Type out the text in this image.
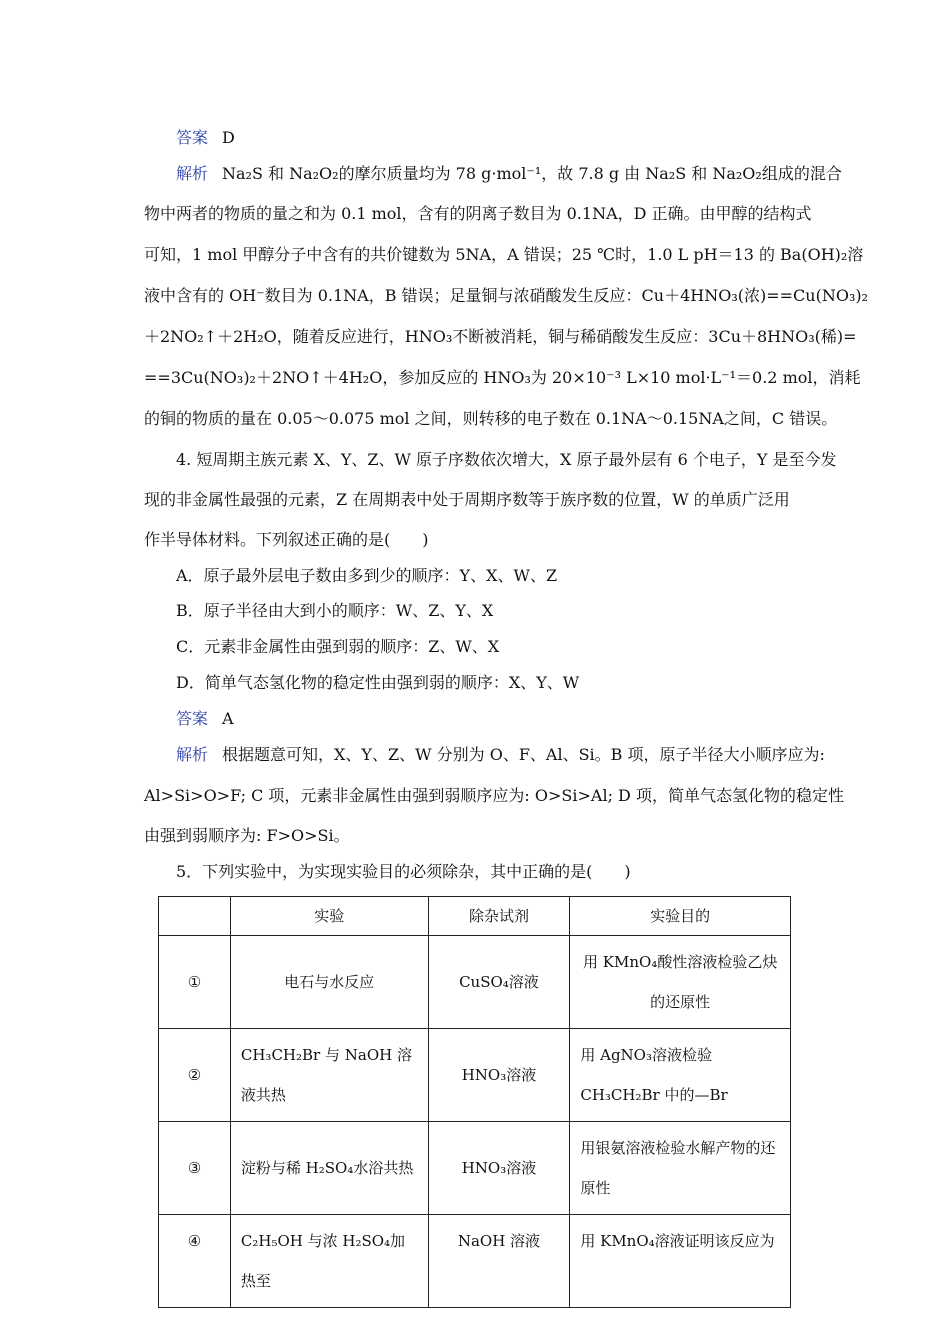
答案 D
解析 Na₂S 和 Na₂O₂的摩尔质量均为 78 g·mol⁻¹，故 7.8 g 由 Na₂S 和 Na₂O₂组成的混合
物中两者的物质的量之和为 0.1 mol，含有的阴离子数目为 0.1NA，D 正确。由甲醇的结构式
可知，1 mol 甲醇分子中含有的共价键数为 5NA，A 错误；25 ℃时，1.0 L pH＝13 的 Ba(OH)₂溶
液中含有的 OH⁻数目为 0.1NA，B 错误；足量铜与浓硝酸发生反应：Cu＋4HNO₃(浓)==Cu(NO₃)₂
＋2NO₂↑＋2H₂O，随着反应进行，HNO₃不断被消耗，铜与稀硝酸发生反应：3Cu＋8HNO₃(稀)=
==3Cu(NO₃)₂＋2NO↑＋4H₂O，参加反应的 HNO₃为 20×10⁻³ L×10 mol·L⁻¹＝0.2 mol，消耗
的铜的物质的量在 0.05～0.075 mol 之间，则转移的电子数在 0.1NA～0.15NA之间，C 错误。
4. 短周期主族元素 X、Y、Z、W 原子序数依次增大，X 原子最外层有 6 个电子，Y 是至今发
现的非金属性最强的元素，Z 在周期表中处于周期序数等于族序数的位置，W 的单质广泛用
作半导体材料。下列叙述正确的是(　　)
A．原子最外层电子数由多到少的顺序：Y、X、W、Z
B．原子半径由大到小的顺序：W、Z、Y、X
C．元素非金属性由强到弱的顺序：Z、W、X
D．简单气态氢化物的稳定性由强到弱的顺序：X、Y、W
答案 A
解析 根据题意可知，X、Y、Z、W 分别为 O、F、Al、Si。B 项，原子半径大小顺序应为:
Al>Si>O>F; C 项，元素非金属性由强到弱顺序应为: O>Si>Al; D 项，简单气态氢化物的稳定性
由强到弱顺序为: F>O>Si。
5．下列实验中，为实现实验目的必须除杂，其中正确的是(　　)
	实验	除杂试剂	实验目的
①	电石与水反应	CuSO₄溶液	用 KMnO₄酸性溶液检验乙炔的还原性
②	CH₃CH₂Br 与 NaOH 溶液共热	HNO₃溶液	用 AgNO₃溶液检验 CH₃CH₂Br 中的—Br
③	淀粉与稀 H₂SO₄水浴共热	HNO₃溶液	用银氨溶液检验水解产物的还原性
④	C₂H₅OH 与浓 H₂SO₄加热至	NaOH 溶液	用 KMnO₄溶液证明该反应为
